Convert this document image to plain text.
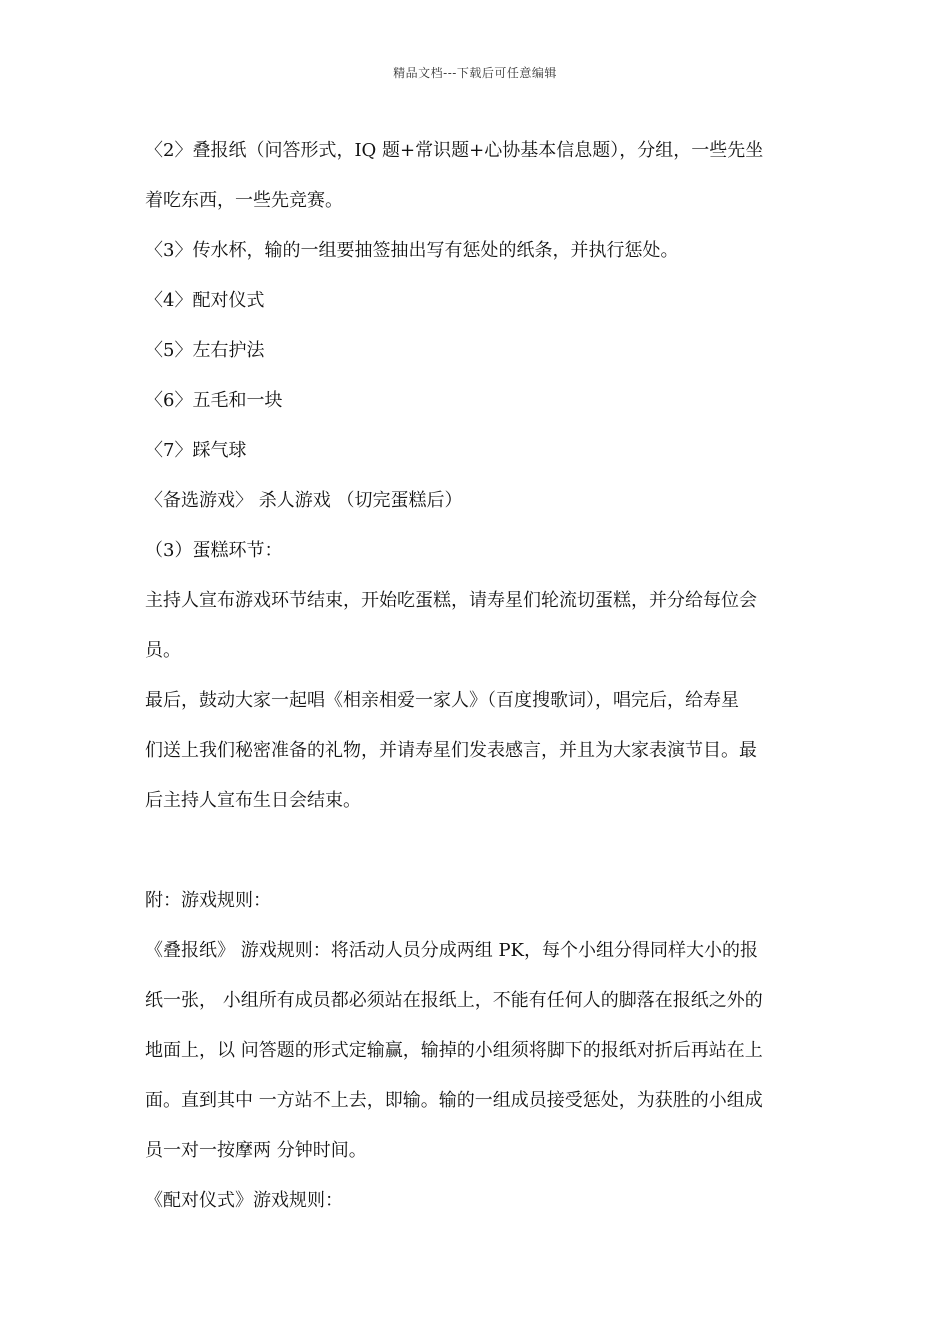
精品文档---下载后可任意编辑
〈2〉叠报纸（问答形式，IQ 题+常识题+心协基本信息题），分组，一些先坐
着吃东西，一些先竞赛。
〈3〉传水杯，输的一组要抽签抽出写有惩处的纸条，并执行惩处。
〈4〉配对仪式
〈5〉左右护法
〈6〉五毛和一块
〈7〉踩气球
〈备选游戏〉 杀人游戏 （切完蛋糕后）
（3）蛋糕环节：
主持人宣布游戏环节结束，开始吃蛋糕，请寿星们轮流切蛋糕，并分给每位会
员。
最后，鼓动大家一起唱《相亲相爱一家人》（百度搜歌词），唱完后，给寿星
们送上我们秘密准备的礼物，并请寿星们发表感言，并且为大家表演节目。最
后主持人宣布生日会结束。
附：游戏规则：
《叠报纸》 游戏规则：将活动人员分成两组 PK，每个小组分得同样大小的报
纸一张， 小组所有成员都必须站在报纸上，不能有任何人的脚落在报纸之外的
地面上，以 问答题的形式定输赢，输掉的小组须将脚下的报纸对折后再站在上
面。直到其中 一方站不上去，即输。输的一组成员接受惩处，为获胜的小组成
员一对一按摩两 分钟时间。
《配对仪式》游戏规则：
